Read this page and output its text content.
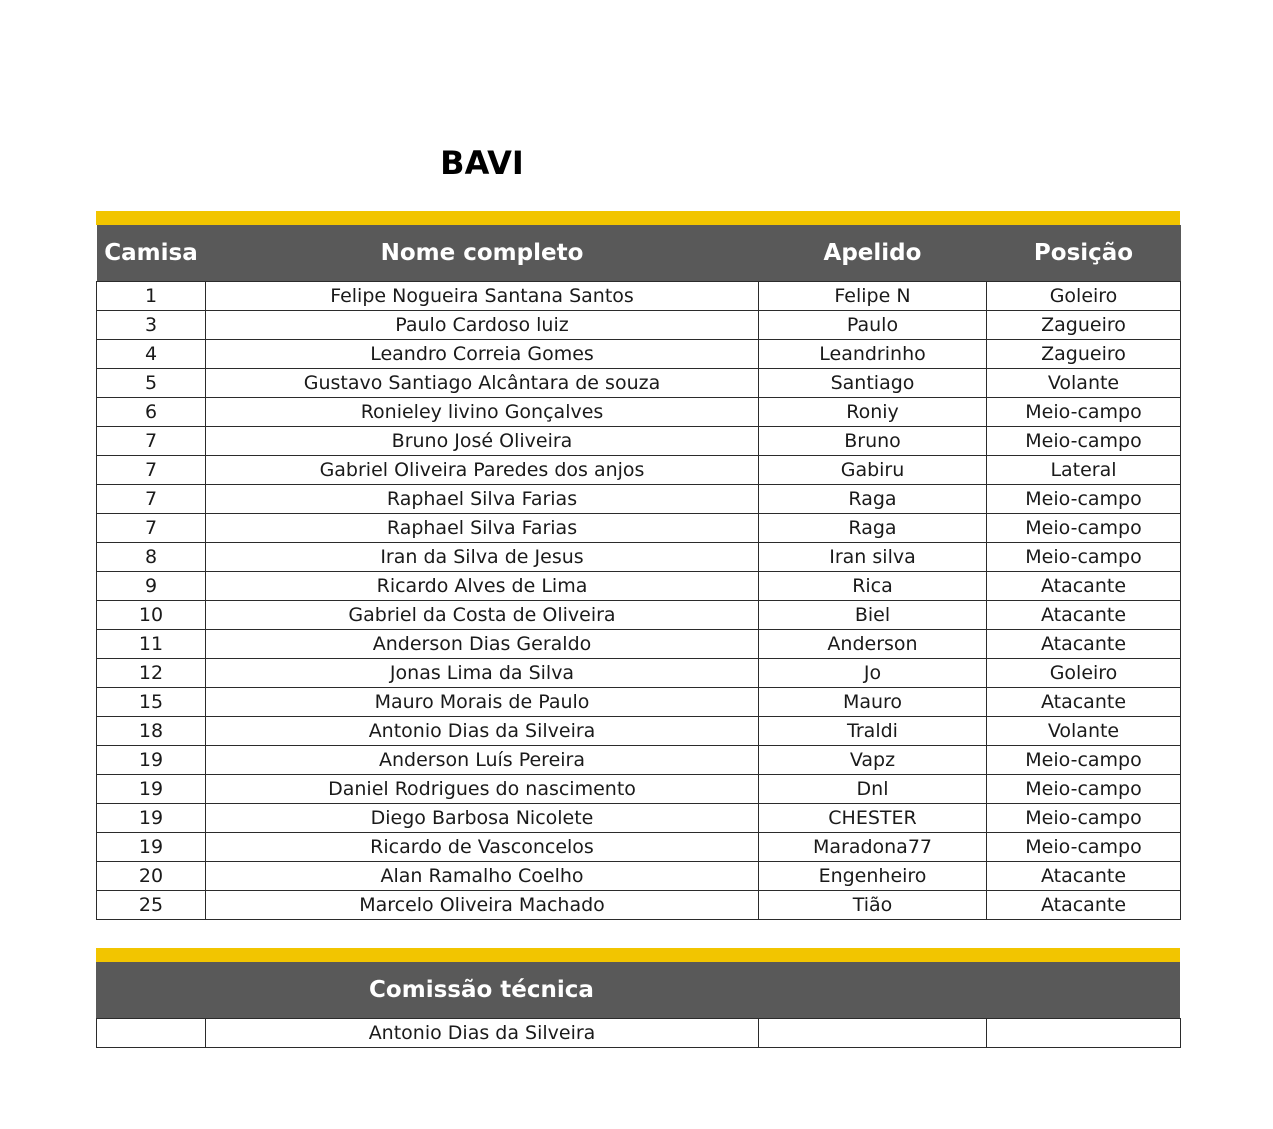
BAVI
Camisa	Nome completo	Apelido	Posição
1	Felipe Nogueira Santana Santos	Felipe N	Goleiro
3	Paulo Cardoso luiz	Paulo	Zagueiro
4	Leandro Correia Gomes	Leandrinho	Zagueiro
5	Gustavo Santiago Alcântara de souza	Santiago	Volante
6	Ronieley livino Gonçalves	Roniy	Meio-campo
7	Bruno José Oliveira	Bruno	Meio-campo
7	Gabriel Oliveira Paredes dos anjos	Gabiru	Lateral
7	Raphael Silva Farias	Raga	Meio-campo
7	Raphael Silva Farias	Raga	Meio-campo
8	Iran da Silva de Jesus	Iran silva	Meio-campo
9	Ricardo Alves de Lima	Rica	Atacante
10	Gabriel da Costa de Oliveira	Biel	Atacante
11	Anderson Dias Geraldo	Anderson	Atacante
12	Jonas Lima da Silva	Jo	Goleiro
15	Mauro Morais de Paulo	Mauro	Atacante
18	Antonio Dias da Silveira	Traldi	Volante
19	Anderson Luís Pereira	Vapz	Meio-campo
19	Daniel Rodrigues do nascimento	Dnl	Meio-campo
19	Diego Barbosa Nicolete	CHESTER	Meio-campo
19	Ricardo de Vasconcelos	Maradona77	Meio-campo
20	Alan Ramalho Coelho	Engenheiro	Atacante
25	Marcelo Oliveira Machado	Tião	Atacante
Comissão técnica
	Antonio Dias da Silveira		
